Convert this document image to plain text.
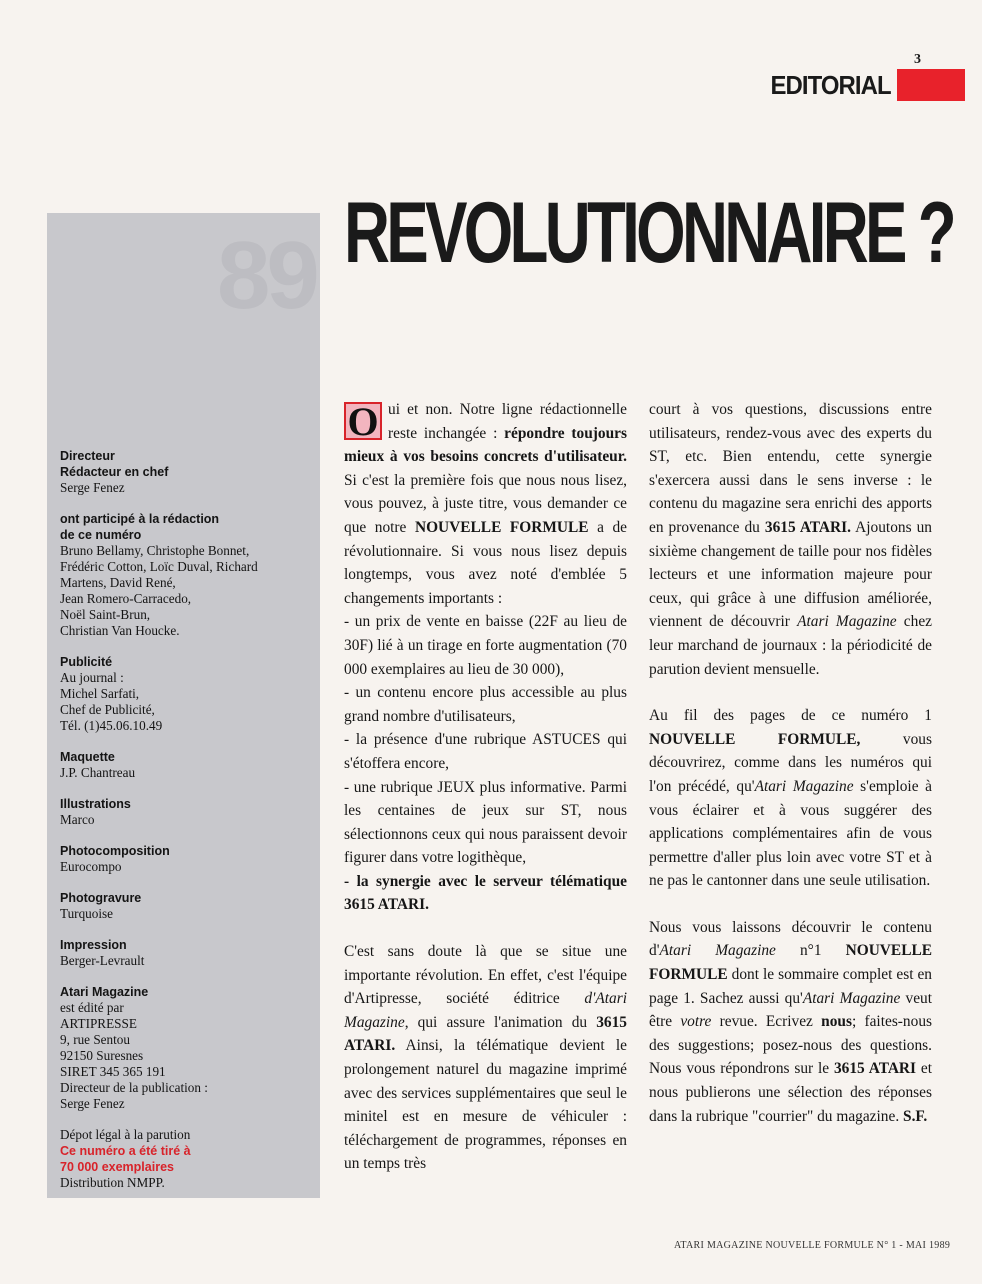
3
EDITORIAL
REVOLUTIONNAIRE ?
89
Directeur
Rédacteur en chef
Serge Fenez
ont participé à la rédaction
de ce numéro
Bruno Bellamy, Christophe Bonnet,
Frédéric Cotton, Loïc Duval, Richard
Martens, David René,
Jean Romero-Carracedo,
Noël Saint-Brun,
Christian Van Houcke.
Publicité
Au journal :
Michel Sarfati,
Chef de Publicité,
Tél. (1)45.06.10.49
Maquette
J.P. Chantreau
Illustrations
Marco
Photocomposition
Eurocompo
Photogravure
Turquoise
Impression
Berger-Levrault
Atari Magazine
est édité par
ARTIPRESSE
9, rue Sentou
92150 Suresnes
SIRET 345 365 191
Directeur de la publication :
Serge Fenez
Dépot légal à la parution
Ce numéro a été tiré à
70 000 exemplaires
Distribution NMPP.

O ui et non. Notre ligne rédactionnelle reste inchangée : répondre toujours mieux à vos besoins concrets d'utilisateur. Si c'est la première fois que nous nous lisez, vous pouvez, à juste titre, vous demander ce que notre NOUVELLE FORMULE a de révolutionnaire. Si vous nous lisez depuis longtemps, vous avez noté d'emblée 5 changements importants :

- un prix de vente en baisse (22F au lieu de 30F) lié à un tirage en forte augmentation (70 000 exemplaires au lieu de 30 000),

- un contenu encore plus accessible au plus grand nombre d'utilisateurs,

- la présence d'une rubrique ASTUCES qui s'étoffera encore,

- une rubrique JEUX plus informative. Parmi les centaines de jeux sur ST, nous sélectionnons ceux qui nous paraissent devoir figurer dans votre logithèque,

- la synergie avec le serveur télématique 3615 ATARI.

C'est sans doute là que se situe une importante révolution. En effet, c'est l'équipe d'Artipresse, société éditrice d'Atari Magazine, qui assure l'animation du 3615 ATARI. Ainsi, la télématique devient le prolongement naturel du magazine imprimé avec des services supplémentaires que seul le minitel est en mesure de véhiculer : téléchargement de programmes, réponses en un temps très

court à vos questions, discussions entre utilisateurs, rendez-vous avec des experts du ST, etc. Bien entendu, cette synergie s'exercera aussi dans le sens inverse : le contenu du magazine sera enrichi des apports en provenance du 3615 ATARI. Ajoutons un sixième changement de taille pour nos fidèles lecteurs et une information majeure pour ceux, qui grâce à une diffusion améliorée, viennent de découvrir Atari Magazine chez leur marchand de journaux : la périodicité de parution devient mensuelle.

Au fil des pages de ce numéro 1 NOUVELLE FORMULE, vous découvrirez, comme dans les numéros qui l'on précédé, qu'Atari Magazine s'emploie à vous éclairer et à vous suggérer des applications complémentaires afin de vous permettre d'aller plus loin avec votre ST et à ne pas le cantonner dans une seule utilisation.

Nous vous laissons découvrir le contenu d'Atari Magazine n°1 NOUVELLE FORMULE dont le sommaire complet est en page 1. Sachez aussi qu'Atari Magazine veut être votre revue. Ecrivez nous; faites-nous des suggestions; posez-nous des questions. Nous vous répondrons sur le 3615 ATARI et nous publierons une sélection des réponses dans la rubrique "courrier" du magazine. S.F.

ATARI MAGAZINE NOUVELLE FORMULE N° 1 - MAI 1989
